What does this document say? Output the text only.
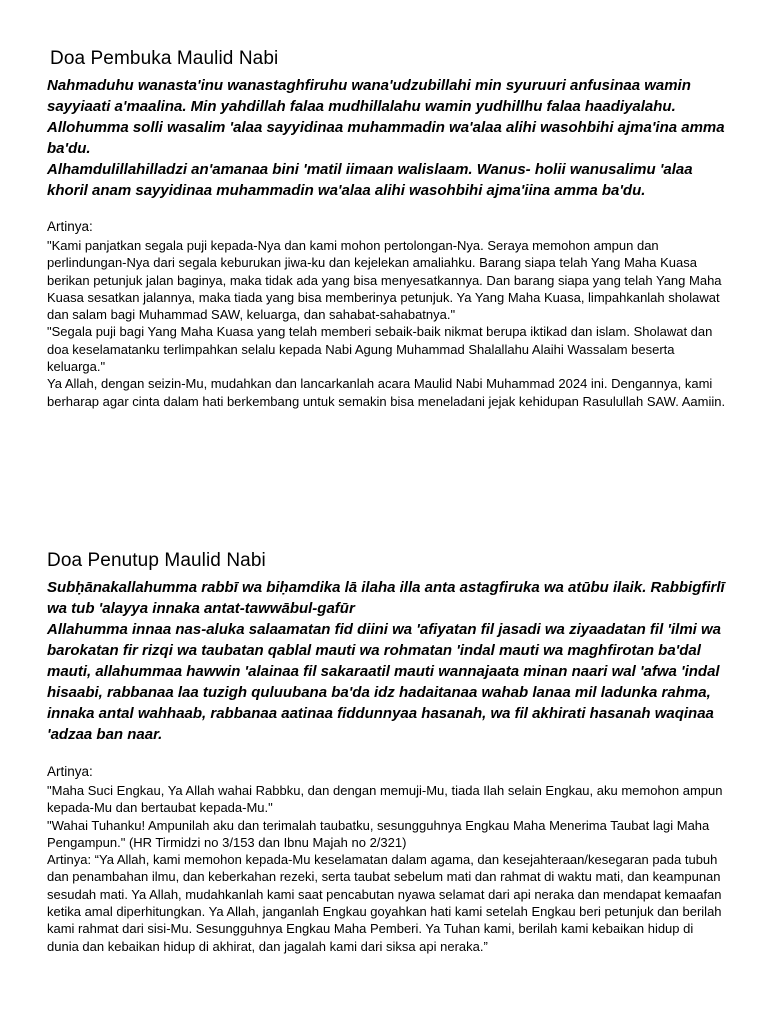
Doa Pembuka Maulid Nabi

Nahmaduhu wanasta'inu wanastaghfiruhu wana'udzubillahi min syuruuri anfusinaa wamin sayyiaati a'maalina. Min yahdillah falaa mudhillalahu wamin yudhillhu falaa haadiyalahu. Allohumma solli wasalim 'alaa sayyidinaa muhammadin wa'alaa alihi wasohbihi ajma'ina amma ba'du.

Alhamdulillahilladzi an'amanaa bini 'matil iimaan walislaam. Wanus- holii wanusalimu 'alaa khoril anam sayyidinaa muhammadin wa'alaa alihi wasohbihi ajma'iina amma ba'du.

Artinya:

"Kami panjatkan segala puji kepada-Nya dan kami mohon pertolongan-Nya. Seraya memohon ampun dan perlindungan-Nya dari segala keburukan jiwa-ku dan kejelekan amaliahku. Barang siapa telah Yang Maha Kuasa berikan petunjuk jalan baginya, maka tidak ada yang bisa menyesatkannya. Dan barang siapa yang telah Yang Maha Kuasa sesatkan jalannya, maka tiada yang bisa memberinya petunjuk. Ya Yang Maha Kuasa, limpahkanlah sholawat dan salam bagi Muhammad SAW, keluarga, dan sahabat-sahabatnya."

"Segala puji bagi Yang Maha Kuasa yang telah memberi sebaik-baik nikmat berupa iktikad dan islam. Sholawat dan doa keselamatanku terlimpahkan selalu kepada Nabi Agung Muhammad Shalallahu Alaihi Wassalam beserta keluarga."

Ya Allah, dengan seizin-Mu, mudahkan dan lancarkanlah acara Maulid Nabi Muhammad 2024 ini. Dengannya, kami berharap agar cinta dalam hati berkembang untuk semakin bisa meneladani jejak kehidupan Rasulullah SAW. Aamiin.

Doa Penutup Maulid Nabi

Subḥānakallahumma rabbī wa biḥamdika lā ilaha illa anta astagfiruka wa atūbu ilaik. Rabbigfirlī wa tub 'alayya innaka antat-tawwābul-gafūr

Allahumma innaa nas-aluka salaamatan fid diini wa 'afiyatan fil jasadi wa ziyaadatan fil 'ilmi wa barokatan fir rizqi wa taubatan qablal mauti wa rohmatan 'indal mauti wa maghfirotan ba'dal mauti, allahummaa hawwin 'alainaa fil sakaraatil mauti wannajaata minan naari wal 'afwa 'indal hisaabi, rabbanaa laa tuzigh quluubana ba'da idz hadaitanaa wahab lanaa mil ladunka rahma, innaka antal wahhaab, rabbanaa aatinaa fiddunnyaa hasanah, wa fil akhirati hasanah waqinaa 'adzaa ban naar.

Artinya:

"Maha Suci Engkau, Ya Allah wahai Rabbku, dan dengan memuji-Mu, tiada Ilah selain Engkau, aku memohon ampun kepada-Mu dan bertaubat kepada-Mu."

"Wahai Tuhanku! Ampunilah aku dan terimalah taubatku, sesungguhnya Engkau Maha Menerima Taubat lagi Maha Pengampun." (HR Tirmidzi no 3/153 dan Ibnu Majah no 2/321)

Artinya: “Ya Allah, kami memohon kepada-Mu keselamatan dalam agama, dan kesejahteraan/kesegaran pada tubuh dan penambahan ilmu, dan keberkahan rezeki, serta taubat sebelum mati dan rahmat di waktu mati, dan keampunan sesudah mati. Ya Allah, mudahkanlah kami saat pencabutan nyawa selamat dari api neraka dan mendapat kemaafan ketika amal diperhitungkan. Ya Allah, janganlah Engkau goyahkan hati kami setelah Engkau beri petunjuk dan berilah kami rahmat dari sisi-Mu. Sesungguhnya Engkau Maha Pemberi. Ya Tuhan kami, berilah kami kebaikan hidup di dunia dan kebaikan hidup di akhirat, dan jagalah kami dari siksa api neraka.”
